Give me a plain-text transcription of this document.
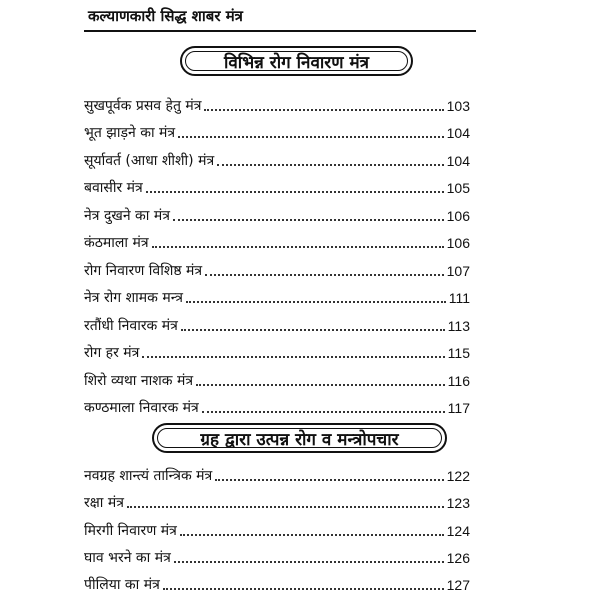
कल्याणकारी सिद्ध शाबर मंत्र
विभिन्न रोग निवारण मंत्र
सुखपूर्वक प्रसव हेतु मंत्र	103
भूत झाड़ने का मंत्र	104
सूर्यावर्त (आधा शीशी) मंत्र	104
बवासीर मंत्र	105
नेत्र दुखने का मंत्र	106
कंठमाला मंत्र	106
रोग निवारण विशिष्ठ मंत्र	107
नेत्र रोग शामक मन्त्र	111
रतौंधी निवारक मंत्र	113
रोग हर मंत्र	115
शिरो व्यथा नाशक मंत्र	116
कण्ठमाला निवारक मंत्र	117
ग्रह द्वारा उत्पन्न रोग व मन्त्रोपचार
नवग्रह शान्त्यं तान्त्रिक मंत्र	122
रक्षा मंत्र	123
मिरगी निवारण मंत्र	124
घाव भरने का मंत्र	126
पीलिया का मंत्र	127
